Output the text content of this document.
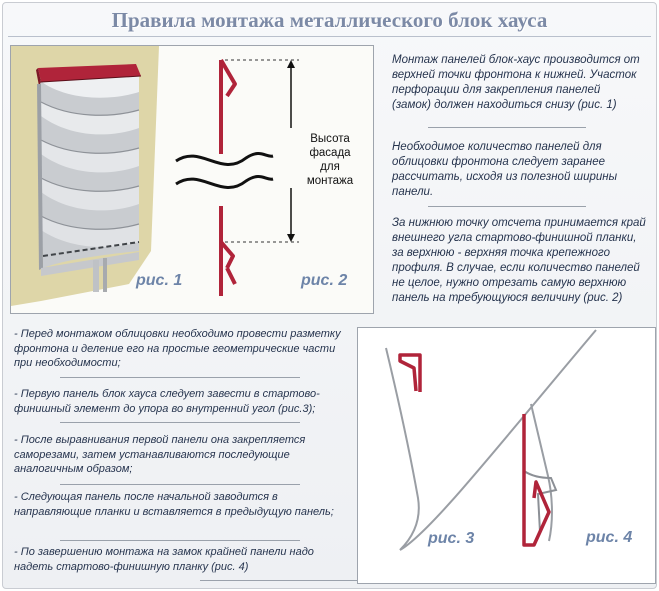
Правила монтажа металлического блок хауса
рис. 1	рис. 2
Высота
фасада
для
монтажа
Монтаж панелей блок-хаус производится от верхней точки фронтона к нижней. Участок перфорации для закрепления панелей (замок) должен находиться снизу (рис. 1)
Необходимое количество панелей для облицовки фронтона следует заранее рассчитать, исходя из полезной ширины панели.
За нижнюю точку отсчета принимается край внешнего угла стартово-финишной планки, за верхнюю - верхняя точка крепежного профиля. В случае, если количество панелей не целое, нужно отрезать самую верхнюю панель на требующуюся величину (рис. 2)
- Перед монтажом облицовки необходимо провести разметку фронтона и деление его на простые геометрические части при необходимости;
- Первую панель блок хауса следует завести в стартово-финишный элемент до упора во внутренний угол (рис.3);
- После выравнивания первой панели она закрепляется саморезами, затем устанавливаются последующие аналогичным образом;
- Следующая панель после начальной заводится в направляющие планки и вставляется в предыдущую панель;
- По завершению монтажа на замок крайней панели надо надеть стартово-финишную планку (рис. 4)
рис. 3	рис. 4
